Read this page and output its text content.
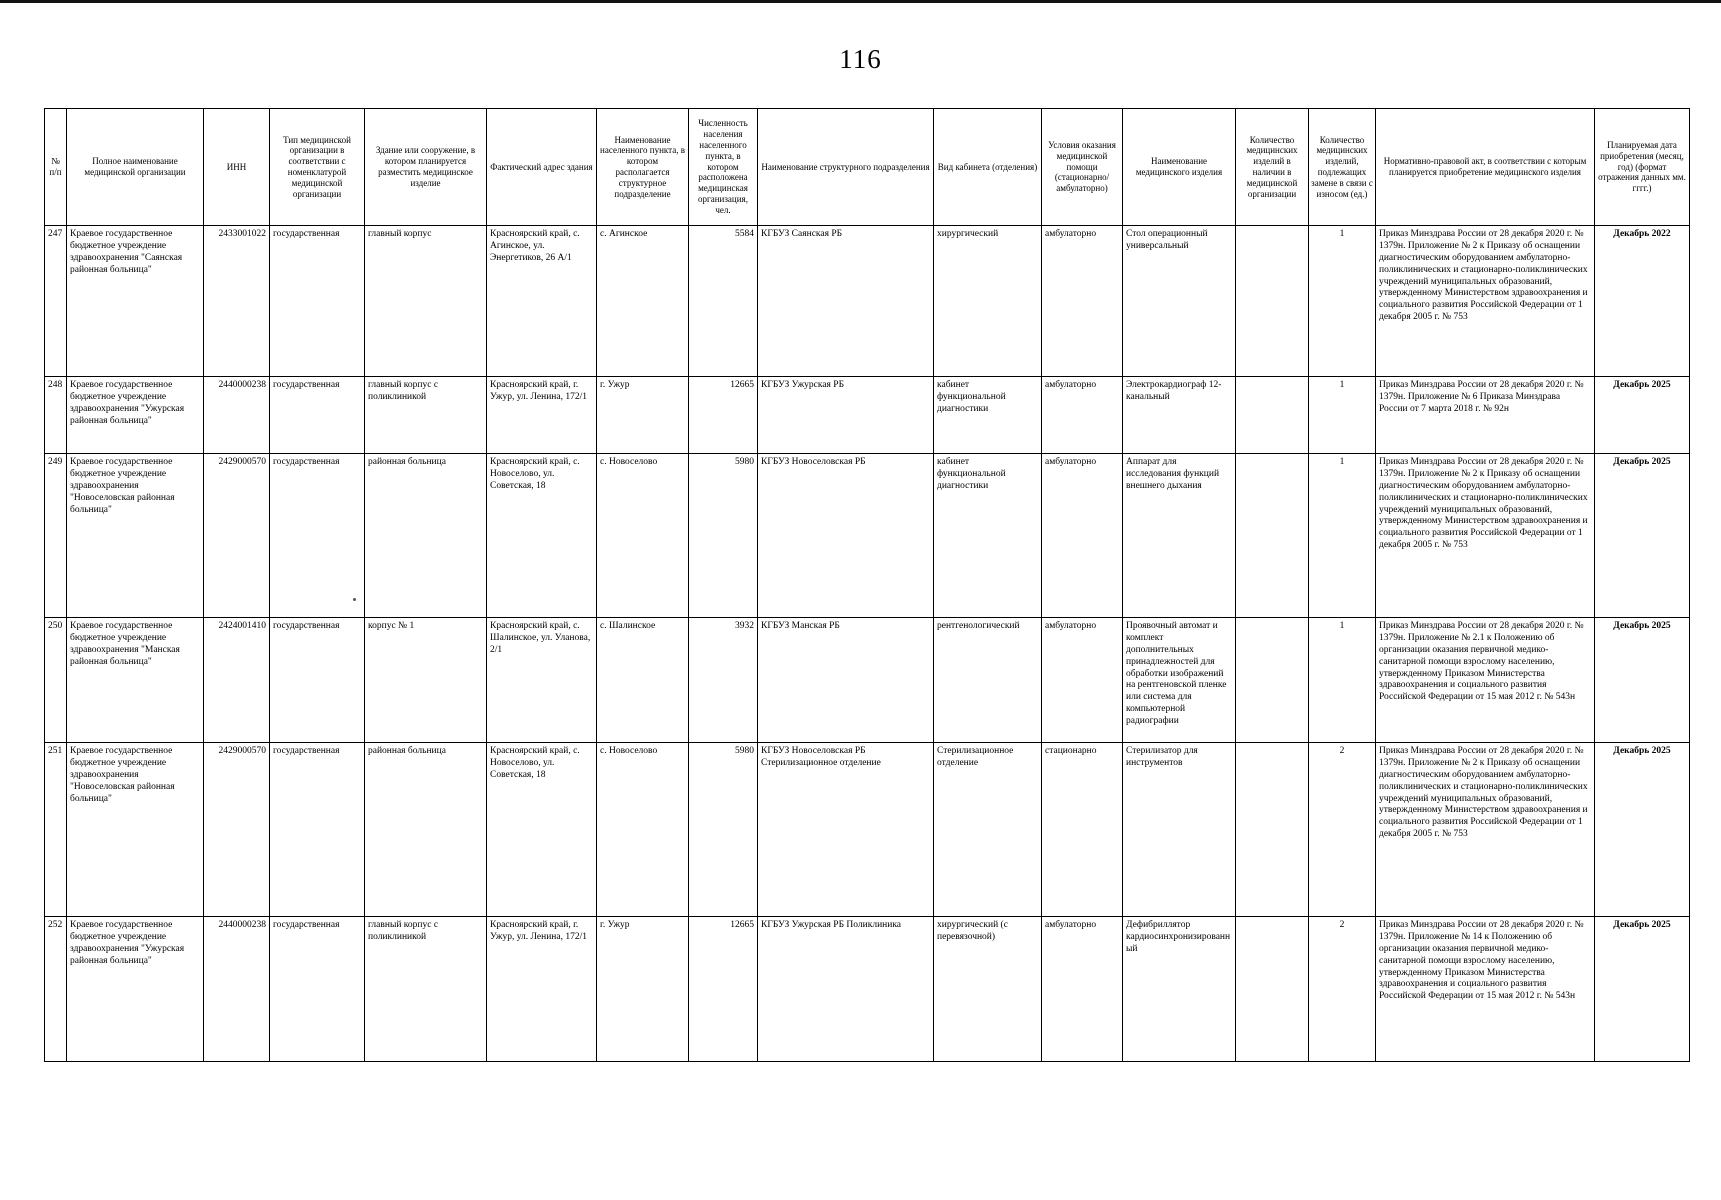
116
№ п/п	Полное наименование медицинской организации	ИНН	Тип медицинской организации в соответствии с номенклатурой медицинской организации	Здание или сооружение, в котором планируется разместить медицинское изделие	Фактический адрес здания	Наименование населенного пункта, в котором располагается структурное подразделение	Численность населения населенного пункта, в котором расположена медицинская организация, чел.	Наименование структурного подразделения	Вид кабинета (отделения)	Условия оказания медицинской помощи (стационарно/ амбулаторно)	Наименование медицинского изделия	Количество медицинских изделий в наличии в медицинской организации	Количество медицинских изделий, подлежащих замене в связи с износом (ед.)	Нормативно-правовой акт, в соответствии с которым планируется приобретение медицинского изделия	Планируемая дата приобретения (месяц, год) (формат отражения данных мм. гггг.)
247	Краевое государственное бюджетное учреждение здравоохранения "Саянская районная больница"	2433001022	государственная	главный корпус	Красноярский край, с. Агинское, ул. Энергетиков, 26 А/1	с. Агинское	5584	КГБУЗ Саянская РБ	хирургический	амбулаторно	Стол операционный универсальный		1	Приказ Минздрава России от 28 декабря 2020 г. № 1379н. Приложение № 2 к Приказу об оснащении диагностическим оборудованием амбулаторно-поликлинических и стационарно-поликлинических учреждений муниципальных образований, утвержденному Министерством здравоохранения и социального развития Российской Федерации от 1 декабря 2005 г. № 753	Декабрь 2022
248	Краевое государственное бюджетное учреждение здравоохранения "Ужурская районная больница"	2440000238	государственная	главный корпус с поликлиникой	Красноярский край, г. Ужур, ул. Ленина, 172/1	г. Ужур	12665	КГБУЗ Ужурская РБ	кабинет функциональной диагностики	амбулаторно	Электрокардиограф 12-канальный		1	Приказ Минздрава России от 28 декабря 2020 г. № 1379н. Приложение № 6 Приказа Минздрава России от 7 марта 2018 г. № 92н	Декабрь 2025
249	Краевое государственное бюджетное учреждение здравоохранения "Новоселовская районная больница"	2429000570	государственная	районная больница	Красноярский край, с. Новоселово, ул. Советская, 18	с. Новоселово	5980	КГБУЗ Новоселовская РБ	кабинет функциональной диагностики	амбулаторно	Аппарат для исследования функций внешнего дыхания		1	Приказ Минздрава России от 28 декабря 2020 г. № 1379н. Приложение № 2 к Приказу об оснащении диагностическим оборудованием амбулаторно-поликлинических и стационарно-поликлинических учреждений муниципальных образований, утвержденному Министерством здравоохранения и социального развития Российской Федерации от 1 декабря 2005 г. № 753	Декабрь 2025
250	Краевое государственное бюджетное учреждение здравоохранения "Манская районная больница"	2424001410	государственная	корпус № 1	Красноярский край, с. Шалинское, ул. Уланова, 2/1	с. Шалинское	3932	КГБУЗ Манская РБ	рентгенологический	амбулаторно	Проявочный автомат и комплект дополнительных принадлежностей для обработки изображений на рентгеновской пленке или система для компьютерной радиографии		1	Приказ Минздрава России от 28 декабря 2020 г. № 1379н. Приложение № 2.1 к Положению об организации оказания первичной медико-санитарной помощи взрослому населению, утвержденному Приказом Министерства здравоохранения и социального развития Российской Федерации от 15 мая 2012 г. № 543н	Декабрь 2025
251	Краевое государственное бюджетное учреждение здравоохранения "Новоселовская районная больница"	2429000570	государственная	районная больница	Красноярский край, с. Новоселово, ул. Советская, 18	с. Новоселово	5980	КГБУЗ Новоселовская РБ Стерилизационное отделение	Стерилизационное отделение	стационарно	Стерилизатор для инструментов		2	Приказ Минздрава России от 28 декабря 2020 г. № 1379н. Приложение № 2 к Приказу об оснащении диагностическим оборудованием амбулаторно-поликлинических и стационарно-поликлинических учреждений муниципальных образований, утвержденному Министерством здравоохранения и социального развития Российской Федерации от 1 декабря 2005 г. № 753	Декабрь 2025
252	Краевое государственное бюджетное учреждение здравоохранения "Ужурская районная больница"	2440000238	государственная	главный корпус с поликлиникой	Красноярский край, г. Ужур, ул. Ленина, 172/1	г. Ужур	12665	КГБУЗ Ужурская РБ Поликлиника	хирургический (с перевязочной)	амбулаторно	Дефибриллятор кардиосинхронизированный		2	Приказ Минздрава России от 28 декабря 2020 г. № 1379н. Приложение № 14 к Положению об организации оказания первичной медико-санитарной помощи взрослому населению, утвержденному Приказом Министерства здравоохранения и социального развития Российской Федерации от 15 мая 2012 г. № 543н	Декабрь 2025
